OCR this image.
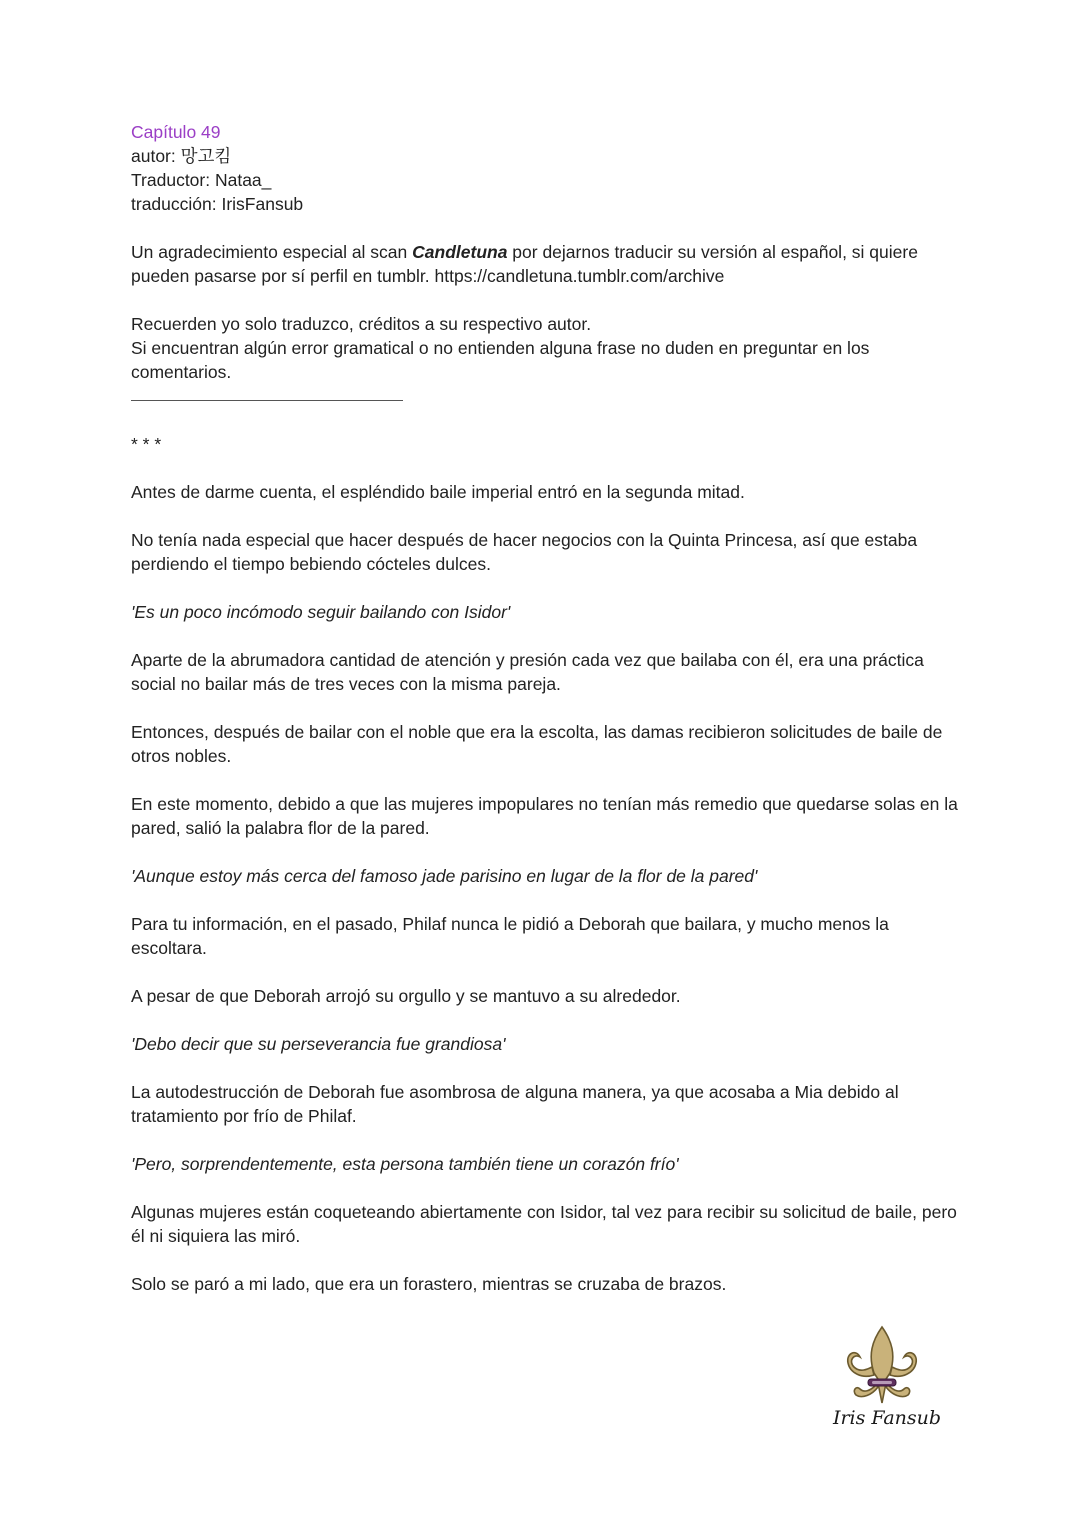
Capítulo 49
autor: 망고킴
Traductor: Nataa_
traducción: IrisFansub

Un agradecimiento especial al scan Candletuna por dejarnos traducir su versión al español, si quiere pueden pasarse por sí perfil en tumblr. https://candletuna.tumblr.com/archive

Recuerden yo solo traduzco, créditos a su respectivo autor.
Si encuentran algún error gramatical o no entienden alguna frase no duden en preguntar en los comentarios.

* * *

Antes de darme cuenta, el espléndido baile imperial entró en la segunda mitad.

No tenía nada especial que hacer después de hacer negocios con la Quinta Princesa, así que estaba perdiendo el tiempo bebiendo cócteles dulces.

'Es un poco incómodo seguir bailando con Isidor'

Aparte de la abrumadora cantidad de atención y presión cada vez que bailaba con él, era una práctica social no bailar más de tres veces con la misma pareja.

Entonces, después de bailar con el noble que era la escolta, las damas recibieron solicitudes de baile de otros nobles.

En este momento, debido a que las mujeres impopulares no tenían más remedio que quedarse solas en la pared, salió la palabra flor de la pared.

'Aunque estoy más cerca del famoso jade parisino en lugar de la flor de la pared'

Para tu información, en el pasado, Philaf nunca le pidió a Deborah que bailara, y mucho menos la escoltara.

A pesar de que Deborah arrojó su orgullo y se mantuvo a su alrededor.

'Debo decir que su perseverancia fue grandiosa'

La autodestrucción de Deborah fue asombrosa de alguna manera, ya que acosaba a Mia debido al tratamiento por frío de Philaf.

'Pero, sorprendentemente, esta persona también tiene un corazón frío'

Algunas mujeres están coqueteando abiertamente con Isidor, tal vez para recibir su solicitud de baile, pero él ni siquiera las miró.

Solo se paró a mi lado, que era un forastero, mientras se cruzaba de brazos.

Iris Fansub
